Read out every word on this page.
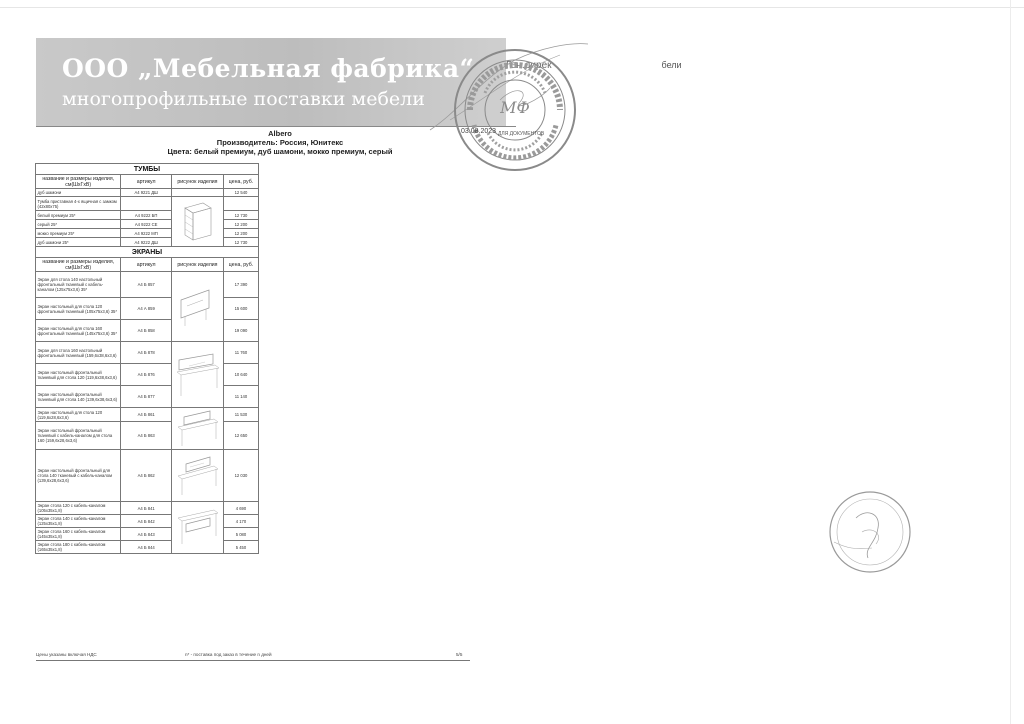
ООО „Мебельная фабрика“
многопрофильные поставки мебели
Ген.дирек	бели
Albero
Производитель: Россия, Юнитекс
Цвета: белый премиум, дуб шамони, мокко премиум, серый
ТУМБЫ			
название и размеры изделия, см(ШхГхВ)	артикул	рисунок изделия	цена, руб.
дуб шамони	А4 9221 ДШ		12 540
Тумба приставная 4-х ящичная с замком (42х80х75)		

белый премиум 25*	А4 9222 БП		12 730
серый 25*	А4 9222 СЕ		12 200
мокко премиум 25*	А4 9222 МП		12 200
дуб шамони 25*	А4 9222 ДШ		12 730
ЭКРАНЫ			
название и размеры изделия, см(ШхГхВ)	артикул	рисунок изделия	цена, руб.
Экран для стола 140 настольный фронтальный тканевый с кабель-каналом (125х75х3,6) 35*	А4 Б 857		17 390
Экран настольный для стола 120 фронтальный тканевый (105х75х3,6) 35*	А4 А 859		15 600
Экран настольный для стола 160 фронтальный тканевый (145х75х3,6) 35*	А4 Б 858		19 090
Экран для стола 160 настольный фронтальный тканевый (159,6х38,6х3,6)	А4 Б 878		11 760
Экран настольный фронтальный тканевый для стола 120 (119,6х38,6х3,6)	А4 Б 876		10 640
Экран настольный фронтальный тканевый для стола 140 (139,6х38,6х3,6)	А4 Б 877		11 140
Экран настольный для стола 120 (119,6х28,6х3,6)	А4 Б 861		11 530
Экран настольный фронтальный тканевый с кабель-каналом для стола 160 (159,6х28,6х3,6)	А4 Б 863		12 650
Экран настольный фронтальный для стола 140 тканевый с кабель-каналом (139,6х28,6х3,6)	А4 Б 862		12 030
Экран стола 120 с кабель-каналом (105х35х1,8)	А4 Б 841		4 690
Экран стола 140 с кабель-каналом (125х35х1,8)	А4 Б 842		4 170
Экран стола 160 с кабель-каналом (145х35х1,8)	А4 Б 843		5 080
Экран стола 180 с кабель-каналом (165х35х1,8)	А4 Б 844		5 450
Цены указаны включая НДС	n* - поставка под заказ в течение n дней	5/5
МФ
03.08.2023 ДЛЯ ДОКУМЕНТОВ
